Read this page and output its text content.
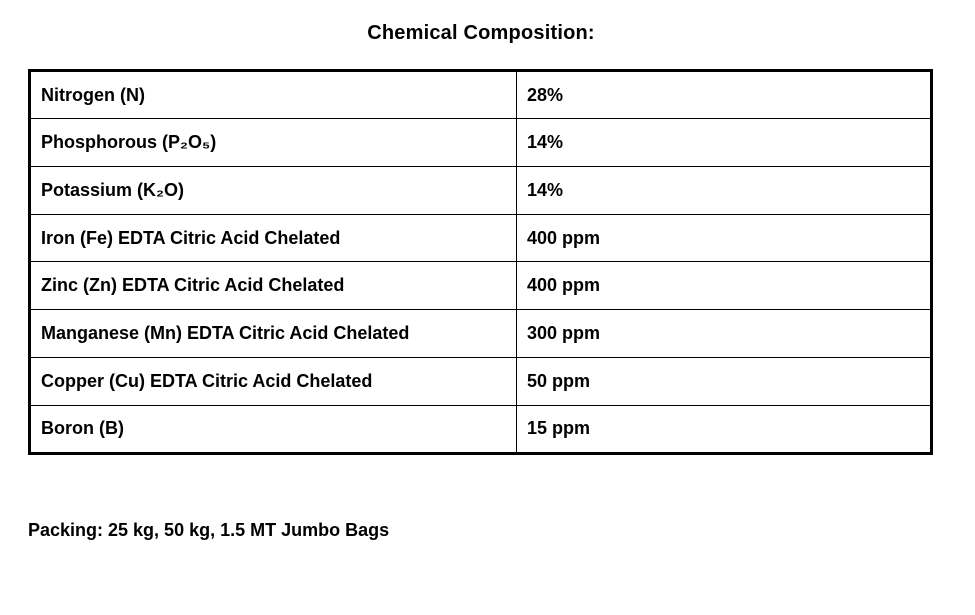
Chemical Composition:
Nitrogen (N)	28%
Phosphorous (P₂O₅)	14%
Potassium (K₂O)	14%
Iron (Fe) EDTA Citric Acid Chelated	400 ppm
Zinc (Zn) EDTA Citric Acid Chelated	400 ppm
Manganese (Mn) EDTA Citric Acid Chelated	300 ppm
Copper (Cu) EDTA Citric Acid Chelated	50 ppm
Boron (B)	15 ppm
Packing: 25 kg, 50 kg, 1.5 MT Jumbo Bags
